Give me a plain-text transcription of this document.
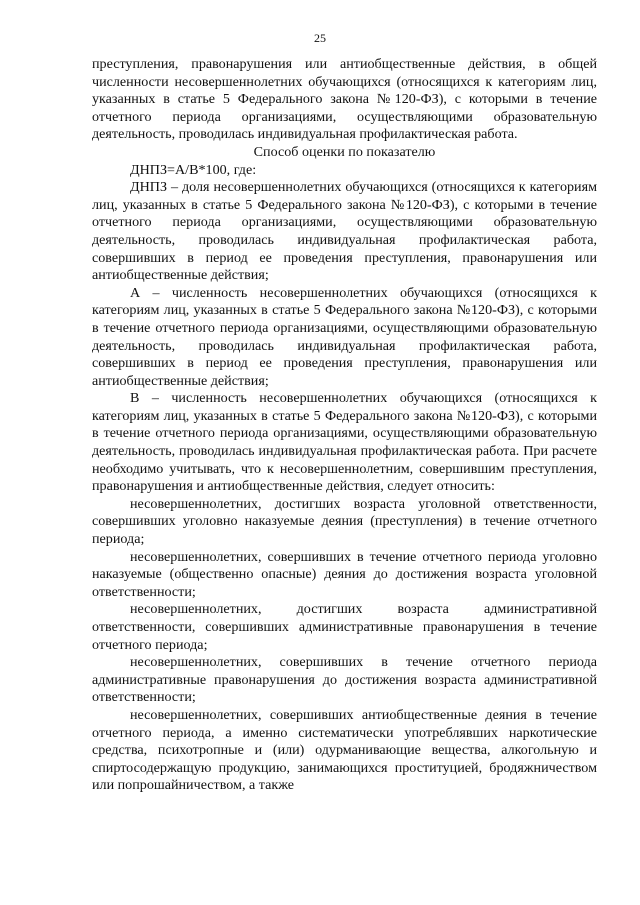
25

преступления, правонарушения или антиобщественные действия, в общей численности несовершеннолетних обучающихся (относящихся к категориям лиц, указанных в статье 5 Федерального закона №120-ФЗ), с которыми в течение отчетного периода организациями, осуществляющими образовательную деятельность, проводилась индивидуальная профилактическая работа.

Способ оценки по показателю

ДНПЗ=А/В*100, где:

ДНПЗ – доля несовершеннолетних обучающихся (относящихся к категориям лиц, указанных в статье 5 Федерального закона №120-ФЗ), с которыми в течение отчетного периода организациями, осуществляющими образовательную деятельность, проводилась индивидуальная профилактическая работа, совершивших в период ее проведения преступления, правонарушения или антиобщественные действия;

А – численность несовершеннолетних обучающихся (относящихся к категориям лиц, указанных в статье 5 Федерального закона №120-ФЗ), с которыми в течение отчетного периода организациями, осуществляющими образовательную деятельность, проводилась индивидуальная профилактическая работа, совершивших в период ее проведения преступления, правонарушения или антиобщественные действия;

В – численность несовершеннолетних обучающихся (относящихся к категориям лиц, указанных в статье 5 Федерального закона №120-ФЗ), с которыми в течение отчетного периода организациями, осуществляющими образовательную деятельность, проводилась индивидуальная профилактическая работа. При расчете необходимо учитывать, что к несовершеннолетним, совершившим преступления, правонарушения и антиобщественные действия, следует относить:

несовершеннолетних, достигших возраста уголовной ответственности, совершивших уголовно наказуемые деяния (преступления) в течение отчетного периода;

несовершеннолетних, совершивших в течение отчетного периода уголовно наказуемые (общественно опасные) деяния до достижения возраста уголовной ответственности;

несовершеннолетних, достигших возраста административной ответственности, совершивших административные правонарушения в течение отчетного периода;

несовершеннолетних, совершивших в течение отчетного периода административные правонарушения до достижения возраста административной ответственности;

несовершеннолетних, совершивших антиобщественные деяния в течение отчетного периода, а именно систематически употреблявших наркотические средства, психотропные и (или) одурманивающие вещества, алкогольную и спиртосодержащую продукцию, занимающихся проституцией, бродяжничеством или попрошайничеством, а также
